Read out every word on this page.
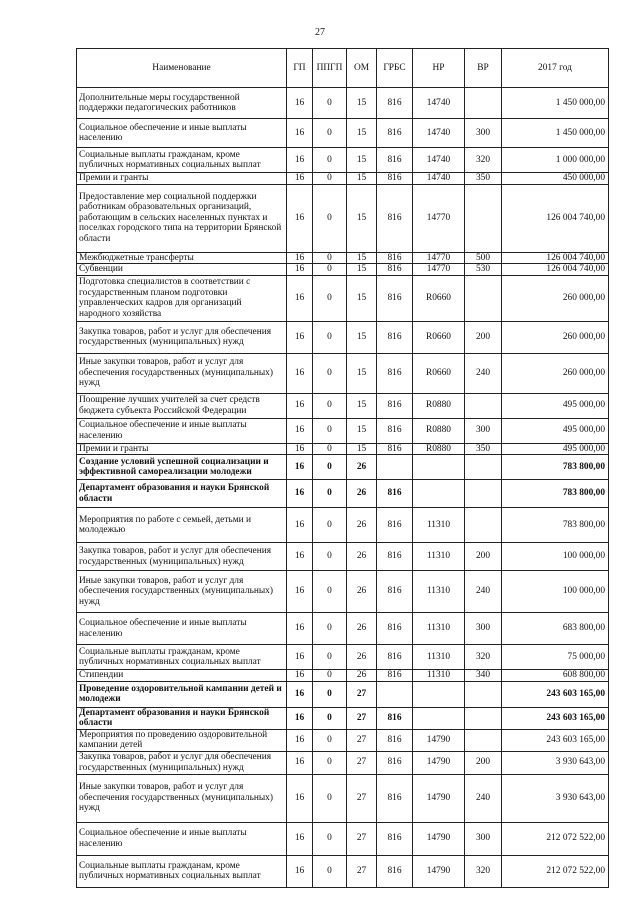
27
Наименование	ГП	ППГП	ОМ	ГРБС	НР	ВР	2017 год
Дополнительные меры государственной поддержки педагогических работников	16	0	15	816	14740		1 450 000,00
Социальное обеспечение и иные выплаты населению	16	0	15	816	14740	300	1 450 000,00
Социальные выплаты гражданам, кроме публичных нормативных социальных выплат	16	0	15	816	14740	320	1 000 000,00
Премии и гранты	16	0	15	816	14740	350	450 000,00
Предоставление мер социальной поддержки работникам образовательных организаций, работающим в сельских населенных пунктах и поселках городского типа на территории Брянской области	16	0	15	816	14770		126 004 740,00
Межбюджетные трансферты	16	0	15	816	14770	500	126 004 740,00
Субвенции	16	0	15	816	14770	530	126 004 740,00
Подготовка специалистов в соответствии с государственным планом подготовки управленческих кадров для организаций народного хозяйства	16	0	15	816	R0660		260 000,00
Закупка товаров, работ и услуг для обеспечения государственных (муниципальных) нужд	16	0	15	816	R0660	200	260 000,00
Иные закупки товаров, работ и услуг для обеспечения государственных (муниципальных) нужд	16	0	15	816	R0660	240	260 000,00
Поощрение лучших учителей за счет средств бюджета субъекта Российской Федерации	16	0	15	816	R0880		495 000,00
Социальное обеспечение и иные выплаты населению	16	0	15	816	R0880	300	495 000,00
Премии и гранты	16	0	15	816	R0880	350	495 000,00
Создание условий успешной социализации и эффективной самореализации молодежи	16	0	26				783 800,00
Департамент образования и науки Брянской области	16	0	26	816			783 800,00
Мероприятия по работе с семьей, детьми и молодежью	16	0	26	816	11310		783 800,00
Закупка товаров, работ и услуг для обеспечения государственных (муниципальных) нужд	16	0	26	816	11310	200	100 000,00
Иные закупки товаров, работ и услуг для обеспечения государственных (муниципальных) нужд	16	0	26	816	11310	240	100 000,00
Социальное обеспечение и иные выплаты населению	16	0	26	816	11310	300	683 800,00
Социальные выплаты гражданам, кроме публичных нормативных социальных выплат	16	0	26	816	11310	320	75 000,00
Стипендии	16	0	26	816	11310	340	608 800,00
Проведение оздоровительной кампании детей и молодежи	16	0	27				243 603 165,00
Департамент образования и науки Брянской области	16	0	27	816			243 603 165,00
Мероприятия по проведению оздоровительной кампании детей	16	0	27	816	14790		243 603 165,00
Закупка товаров, работ и услуг для обеспечения государственных (муниципальных) нужд	16	0	27	816	14790	200	3 930 643,00
Иные закупки товаров, работ и услуг для обеспечения государственных (муниципальных) нужд	16	0	27	816	14790	240	3 930 643,00
Социальное обеспечение и иные выплаты населению	16	0	27	816	14790	300	212 072 522,00
Социальные выплаты гражданам, кроме публичных нормативных социальных выплат	16	0	27	816	14790	320	212 072 522,00
